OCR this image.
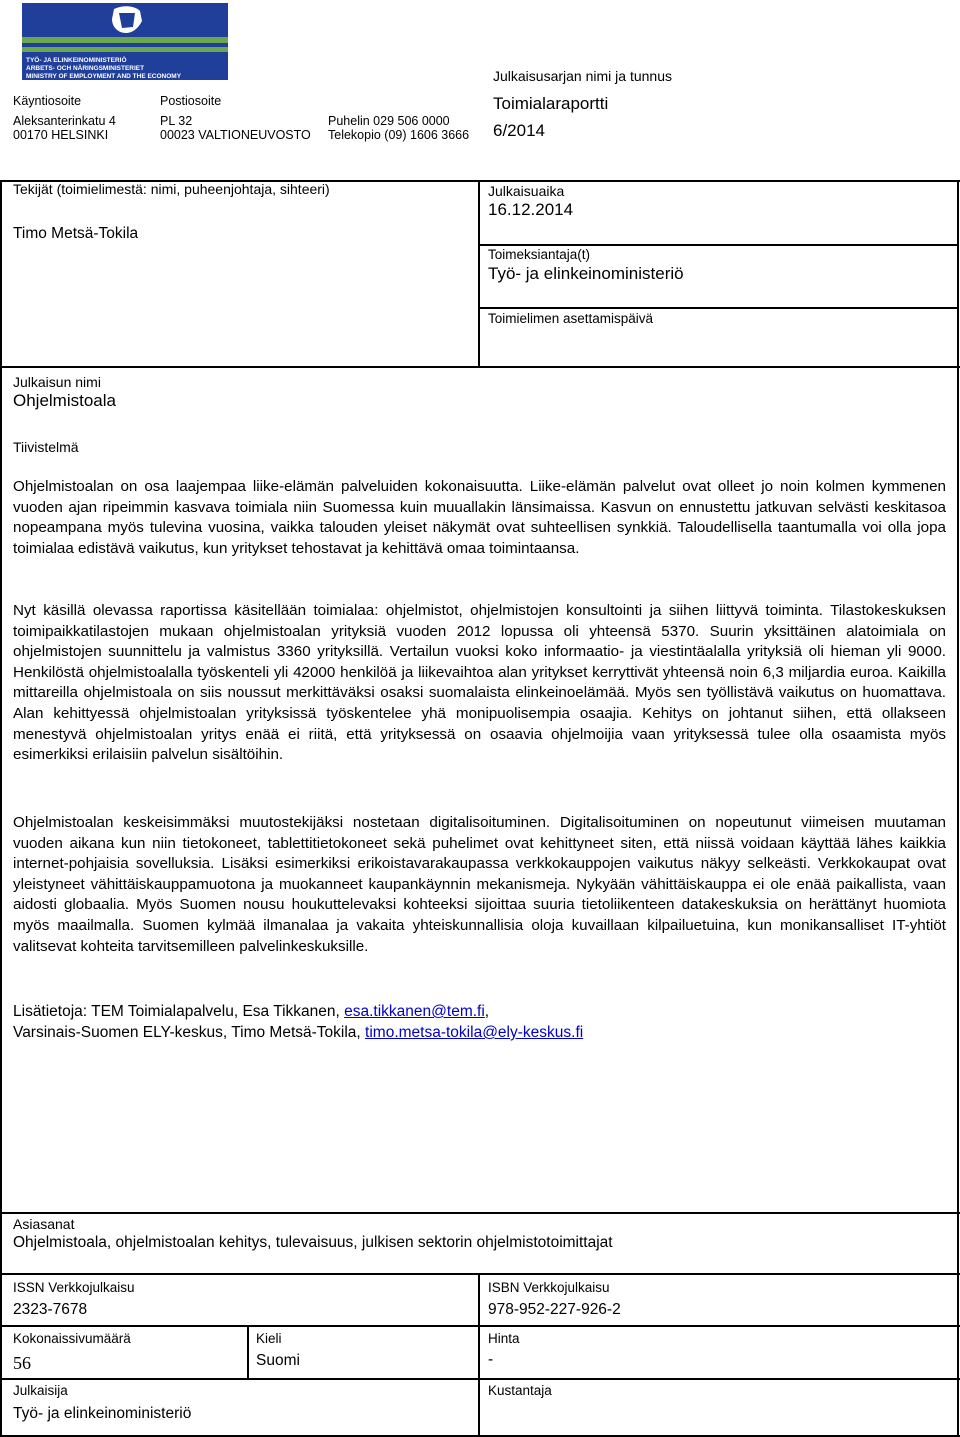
TYÖ- JA ELINKEINOMINISTERIÖ
ARBETS- OCH NÄRINGSMINISTERIET
MINISTRY OF EMPLOYMENT AND THE ECONOMY
Käyntiosoite
Aleksanterinkatu 4
00170 HELSINKI
Postiosoite
PL 32
00023 VALTIONEUVOSTO
Puhelin 029 506 0000
Telekopio (09) 1606 3666
Julkaisusarjan nimi ja tunnus
Toimialaraportti
6/2014
Tekijät (toimielimestä: nimi, puheenjohtaja, sihteeri)
Timo Metsä-Tokila
Julkaisuaika
16.12.2014
Toimeksiantaja(t)
Työ- ja elinkeinoministeriö
Toimielimen asettamispäivä
Julkaisun nimi
Ohjelmistoala
Tiivistelmä

Ohjelmistoalan on osa laajempaa liike-elämän palveluiden kokonaisuutta. Liike-elämän palvelut ovat olleet jo noin kolmen kymmenen vuoden ajan ripeimmin kasvava toimiala niin Suomessa kuin muuallakin länsimaissa. Kasvun on ennustettu jatkuvan selvästi keskitasoa nopeampana myös tulevina vuosina, vaikka talouden yleiset näkymät ovat suhteellisen synkkiä. Taloudellisella taantumalla voi olla jopa toimialaa edistävä vaikutus, kun yritykset tehostavat ja kehittävä omaa toimintaansa.

Nyt käsillä olevassa raportissa käsitellään toimialaa: ohjelmistot, ohjelmistojen konsultointi ja siihen liittyvä toiminta. Tilastokeskuksen toimipaikkatilastojen mukaan ohjelmistoalan yrityksiä vuoden 2012 lopussa oli yhteensä 5370. Suurin yksittäinen alatoimiala on ohjelmistojen suunnittelu ja valmistus 3360 yrityksillä. Vertailun vuoksi koko informaatio- ja viestintäalalla yrityksiä oli hieman yli 9000. Henkilöstä ohjelmistoalalla työskenteli yli 42000 henkilöä ja liikevaihtoa alan yritykset kerryttivät yhteensä noin 6,3 miljardia euroa. Kaikilla mittareilla ohjelmistoala on siis noussut merkittäväksi osaksi suomalaista elinkeinoelämää. Myös sen työllistävä vaikutus on huomattava. Alan kehittyessä ohjelmistoalan yrityksissä työskentelee yhä monipuolisempia osaajia. Kehitys on johtanut siihen, että ollakseen menestyvä ohjelmistoalan yritys enää ei riitä, että yrityksessä on osaavia ohjelmoijia vaan yrityksessä tulee olla osaamista myös esimerkiksi erilaisiin palvelun sisältöihin.

Ohjelmistoalan keskeisimmäksi muutostekijäksi nostetaan digitalisoituminen. Digitalisoituminen on nopeutunut viimeisen muutaman vuoden aikana kun niin tietokoneet, tablettitietokoneet sekä puhelimet ovat kehittyneet siten, että niissä voidaan käyttää lähes kaikkia internet-pohjaisia sovelluksia. Lisäksi esimerkiksi erikoistavarakaupassa verkkokauppojen vaikutus näkyy selkeästi. Verkkokaupat ovat yleistyneet vähittäiskauppamuotona ja muokanneet kaupankäynnin mekanismeja. Nykyään vähittäiskauppa ei ole enää paikallista, vaan aidosti globaalia. Myös Suomen nousu houkuttelevaksi kohteeksi sijoittaa suuria tietoliikenteen datakeskuksia on herättänyt huomiota myös maailmalla. Suomen kylmää ilmanalaa ja vakaita yhteiskunnallisia oloja kuvaillaan kilpailuetuina, kun monikansalliset IT-yhtiöt valitsevat kohteita tarvitsemilleen palvelinkeskuksille.

Lisätietoja: TEM Toimialapalvelu, Esa Tikkanen, esa.tikkanen@tem.fi,
Varsinais-Suomen ELY-keskus, Timo Metsä-Tokila, timo.metsa-tokila@ely-keskus.fi
Asiasanat
Ohjelmistoala, ohjelmistoalan kehitys, tulevaisuus, julkisen sektorin ohjelmistotoimittajat
ISSN Verkkojulkaisu
2323-7678
ISBN Verkkojulkaisu
978-952-227-926-2
Kokonaissivumäärä
56
Kieli
Suomi
Hinta
-
Julkaisija
Työ- ja elinkeinoministeriö
Kustantaja
